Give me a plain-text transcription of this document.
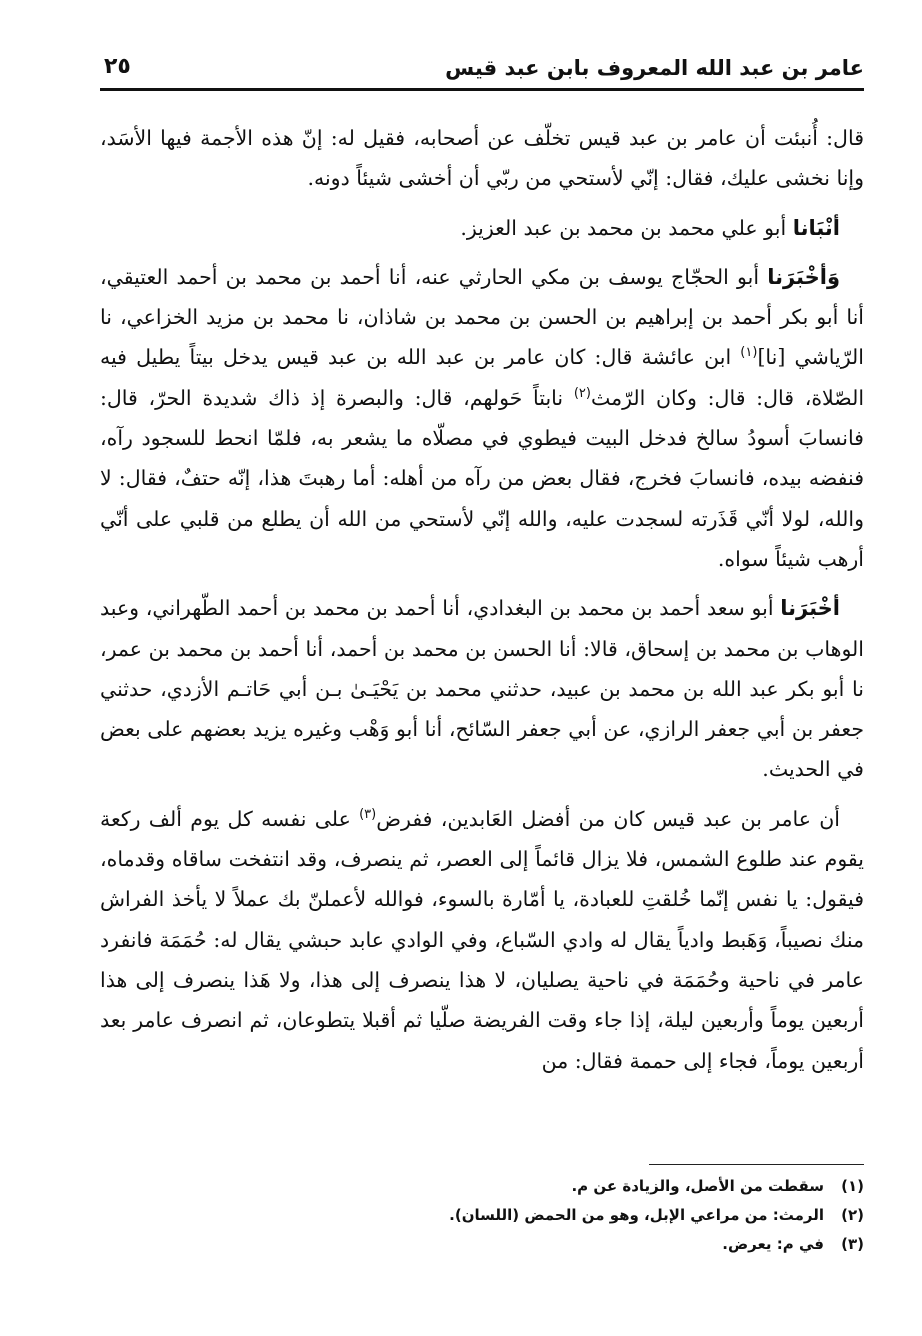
عامر بن عبد الله المعروف بابن عبد قيس
٢٥

قال: أُنبئت أن عامر بن عبد قيس تخلّف عن أصحابه، فقيل له: إنّ هذه الأجمة فيها الأسَد، وإنا نخشى عليك، فقال: إنّي لأستحي من ربّي أن أخشى شيئاً دونه.

أنْبَانا أبو علي محمد بن محمد بن عبد العزيز.

وَأخْبَرَنا أبو الحجّاج يوسف بن مكي الحارثي عنه، أنا أحمد بن محمد بن أحمد العتيقي، أنا أبو بكر أحمد بن إبراهيم بن الحسن بن محمد بن شاذان، نا محمد بن مزيد الخزاعي، نا الرّياشي [نا]$^{(١)}$ ابن عائشة قال: كان عامر بن عبد الله بن عبد قيس يدخل بيتاً يطيل فيه الصّلاة، قال: قال: وكان الرّمث$^{(٢)}$ نابتاً حَولهم، قال: والبصرة إذ ذاك شديدة الحرّ، قال: فانسابَ أسودُ سالخ فدخل البيت فيطوي في مصلّاه ما يشعر به، فلمّا انحط للسجود رآه، فنفضه بيده، فانسابَ فخرج، فقال بعض من رآه من أهله: أما رهبتَ هذا، إنّه حتفٌ، فقال: لا والله، لولا أنّي قَذَرته لسجدت عليه، والله إنّي لأستحي من الله أن يطلع من قلبي على أنّي أرهب شيئاً سواه.

أخْبَرَنا أبو سعد أحمد بن محمد بن البغدادي، أنا أحمد بن محمد بن أحمد الطّهراني، وعبد الوهاب بن محمد بن إسحاق، قالا: أنا الحسن بن محمد بن أحمد، أنا أحمد بن محمد بن عمر، نا أبو بكر عبد الله بن محمد بن عبيد، حدثني محمد بن يَحْيَـىٰ بـن أبي حَاتـم الأزدي، حدثني جعفر بن أبي جعفر الرازي، عن أبي جعفر السّائح، أنا أبو وَهْب وغيره يزيد بعضهم على بعض في الحديث.

أن عامر بن عبد قيس كان من أفضل العَابدين، ففرض$^{(٣)}$ على نفسه كل يوم ألف ركعة يقوم عند طلوع الشمس، فلا يزال قائماً إلى العصر، ثم ينصرف، وقد انتفخت ساقاه وقدماه، فيقول: يا نفس إنّما خُلقتِ للعبادة، يا أمّارة بالسوء، فوالله لأعملنّ بك عملاً لا يأخذ الفراش منك نصيباً، وَهَبط وادياً يقال له وادي السّباع، وفي الوادي عابد حبشي يقال له: حُمَمَة فانفرد عامر في ناحية وحُمَمَة في ناحية يصليان، لا هذا ينصرف إلى هذا، ولا هَذا ينصرف إلى هذا أربعين يوماً وأربعين ليلة، إذا جاء وقت الفريضة صلّيا ثم أقبلا يتطوعان، ثم انصرف عامر بعد أربعين يوماً، فجاء إلى حممة فقال: من

(١)سقطت من الأصل، والزيادة عن م.
(٢)الرمث: من مراعي الإبل، وهو من الحمض (اللسان).
(٣)في م: يعرض.
